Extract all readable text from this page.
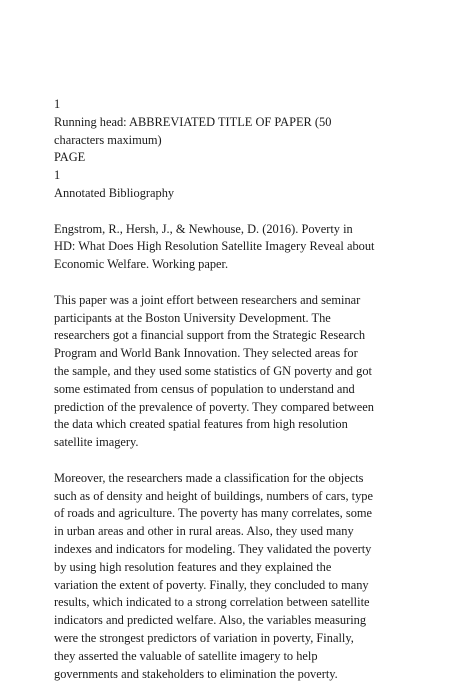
1
Running head: ABBREVIATED TITLE OF PAPER (50
characters maximum)
PAGE
1
Annotated Bibliography
Engstrom, R., Hersh, J., & Newhouse, D. (2016). Poverty in
HD: What Does High Resolution Satellite Imagery Reveal about
Economic Welfare. Working paper.
This paper was a joint effort between researchers and seminar
participants at the Boston University Development. The
researchers got a financial support from the Strategic Research
Program and World Bank Innovation. They selected areas for
the sample, and they used some statistics of GN poverty and got
some estimated from census of population to understand and
prediction of the prevalence of poverty. They compared between
the data which created spatial features from high resolution
satellite imagery.
Moreover, the researchers made a classification for the objects
such as of density and height of buildings, numbers of cars, type
of roads and agriculture. The poverty has many correlates, some
in urban areas and other in rural areas. Also, they used many
indexes and indicators for modeling. They validated the poverty
by using high resolution features and they explained the
variation the extent of poverty. Finally, they concluded to many
results, which indicated to a strong correlation between satellite
indicators and predicted welfare. Also, the variables measuring
were the strongest predictors of variation in poverty, Finally,
they asserted the valuable of satellite imagery to help
governments and stakeholders to elimination the poverty.
